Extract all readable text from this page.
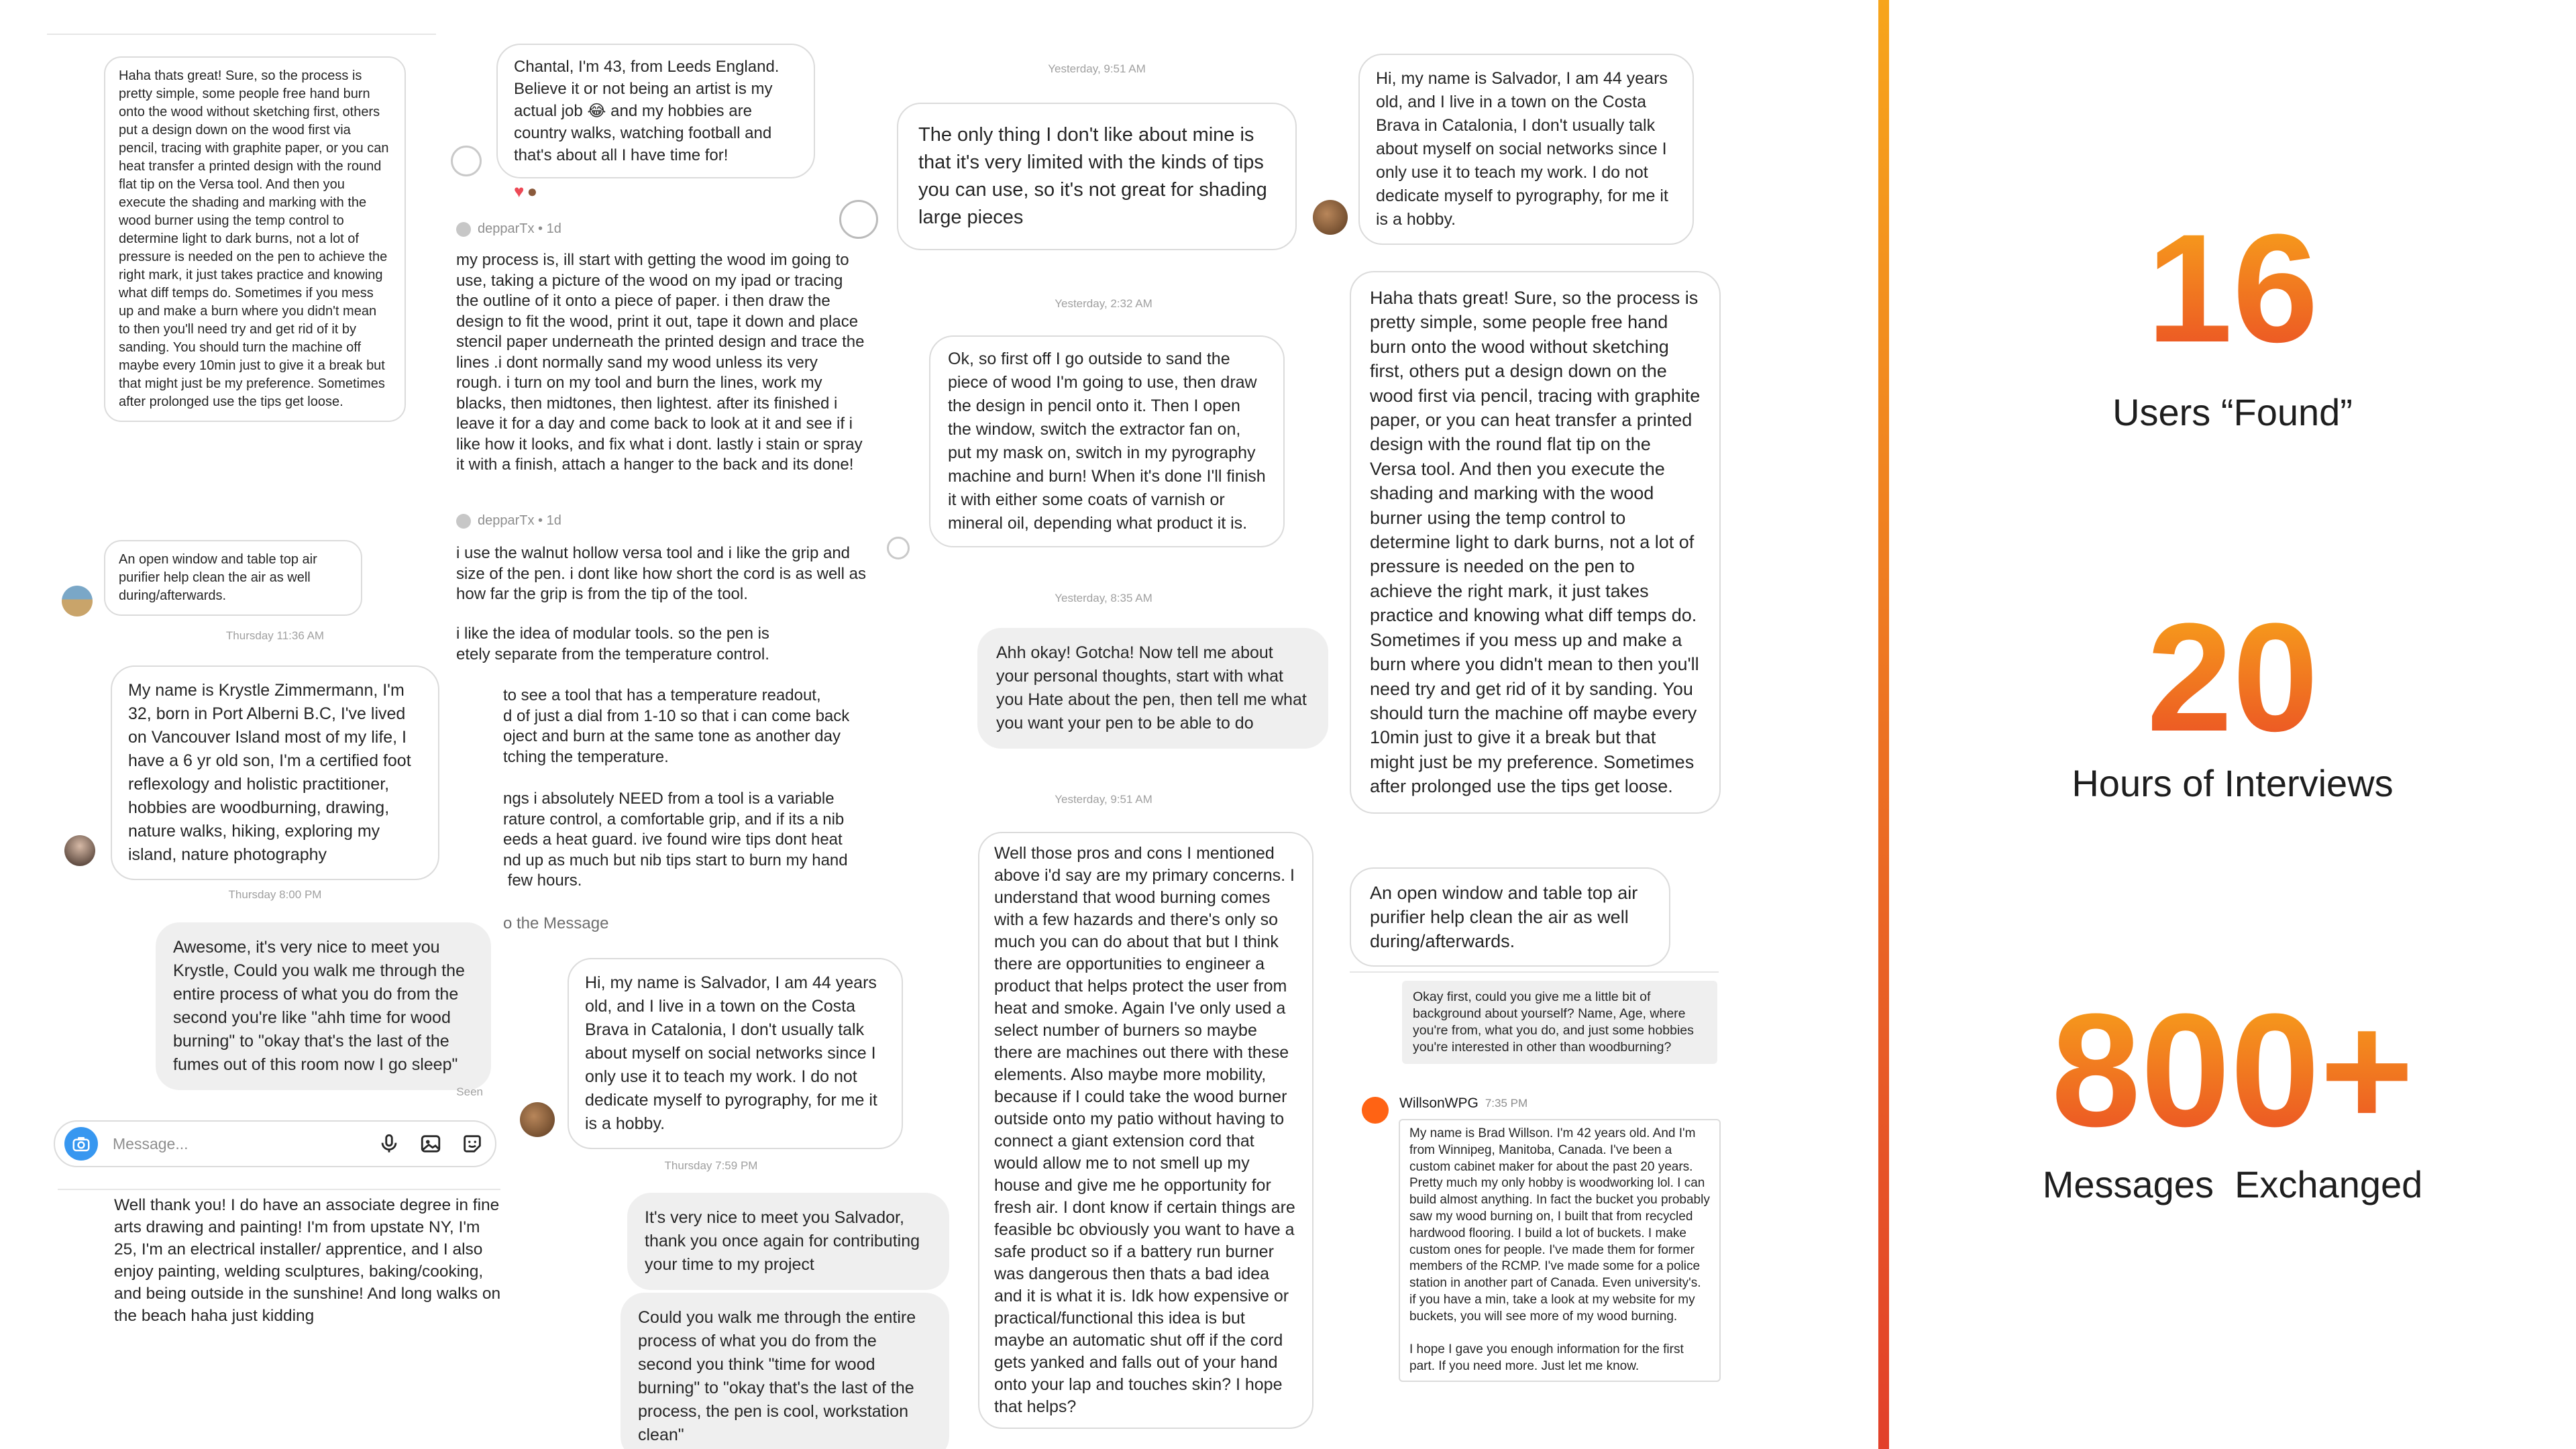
Haha thats great! Sure, so the process is pretty simple, some people free hand burn onto the wood without sketching first, others put a design down on the wood first via pencil, tracing with graphite paper, or you can heat transfer a printed design with the round flat tip on the Versa tool. And then you execute the shading and marking with the wood burner using the temp control to determine light to dark burns, not a lot of pressure is needed on the pen to achieve the right mark, it just takes practice and knowing what diff temps do. Sometimes if you mess up and make a burn where you didn't mean to then you'll need try and get rid of it by sanding. You should turn the machine off maybe every 10min just to give it a break but that might just be my preference. Sometimes after prolonged use the tips get loose.
An open window and table top air purifier help clean the air as well during/afterwards.
Thursday 11:36 AM
My name is Krystle Zimmermann, I'm 32, born in Port Alberni B.C, I've lived on Vancouver Island most of my life, I have a 6 yr old son, I'm a certified foot reflexology and holistic practitioner, hobbies are woodburning, drawing, nature walks, hiking, exploring my island, nature photography
Thursday 8:00 PM
Awesome, it's very nice to meet you Krystle, Could you walk me through the entire process of what you do from the second you're like "ahh time for wood burning" to "okay that's the last of the fumes out of this room now I go sleep"
Seen
Message...
Well thank you! I do have an associate degree in fine arts drawing and painting! I'm from upstate NY, I'm 25, I'm an electrical installer/ apprentice, and I also enjoy painting, welding sculptures, baking/cooking, and being outside in the sunshine! And long walks on the beach haha just kidding
Chantal, I'm 43, from Leeds England. Believe it or not being an artist is my actual job 😂 and my hobbies are country walks, watching football and that's about all I have time for!
♥ ●
depparTx • 1d
my process is, ill start with getting the wood im going to use, taking a picture of the wood on my ipad or tracing the outline of it onto a piece of paper. i then draw the design to fit the wood, print it out, tape it down and place stencil paper underneath the printed design and trace the lines .i dont normally sand my wood unless its very rough. i turn on my tool and burn the lines, work my blacks, then midtones, then lightest. after its finished i leave it for a day and come back to look at it and see if i like how it looks, and fix what i dont. lastly i stain or spray it with a finish, attach a hanger to the back and its done!
depparTx • 1d
i use the walnut hollow versa tool and i like the grip and size of the pen. i dont like how short the cord is as well as how far the grip is from the tip of the tool.
i like the idea of modular tools. so the pen is
etely separate from the temperature control.
to see a tool that has a temperature readout,
d of just a dial from 1-10 so that i can come back
oject and burn at the same tone as another day
tching the temperature.
ngs i absolutely NEED from a tool is a variable
rature control, a comfortable grip, and if its a nib
eeds a heat guard. ive found wire tips dont heat
nd up as much but nib tips start to burn my hand
few hours.
o the Message
Hi, my name is Salvador, I am 44 years old, and I live in a town on the Costa Brava in Catalonia, I don't usually talk about myself on social networks since I only use it to teach my work. I do not dedicate myself to pyrography, for me it is a hobby.
Thursday 7:59 PM
It's very nice to meet you Salvador, thank you once again for contributing your time to my project
Could you walk me through the entire process of what you do from the second you think "time for wood burning" to "okay that's the last of the process, the pen is cool, workstation clean"
Yesterday, 9:51 AM
The only thing I don't like about mine is that it's very limited with the kinds of tips you can use, so it's not great for shading large pieces
Yesterday, 2:32 AM
Ok, so first off I go outside to sand the piece of wood I'm going to use, then draw the design in pencil onto it. Then I open the window, switch the extractor fan on, put my mask on, switch in my pyrography machine and burn! When it's done I'll finish it with either some coats of varnish or mineral oil, depending what product it is.
Yesterday, 8:35 AM
Ahh okay! Gotcha! Now tell me about your personal thoughts, start with what you Hate about the pen, then tell me what you want your pen to be able to do
Yesterday, 9:51 AM
Well those pros and cons I mentioned above i'd say are my primary concerns. I understand that wood burning comes with a few hazards and there's only so much you can do about that but I think there are opportunities to engineer a product that helps protect the user from heat and smoke. Again I've only used a select number of burners so maybe there are machines out there with these elements. Also maybe more mobility, because if I could take the wood burner outside onto my patio without having to connect a giant extension cord that would allow me to not smell up my house and give me he opportunity for fresh air. I dont know if certain things are feasible bc obviously you want to have a safe product so if a battery run burner was dangerous then thats a bad idea and it is what it is. Idk how expensive or practical/functional this idea is but maybe an automatic shut off if the cord gets yanked and falls out of your hand onto your lap and touches skin? I hope that helps?
Hi, my name is Salvador, I am 44 years old, and I live in a town on the Costa Brava in Catalonia, I don't usually talk about myself on social networks since I only use it to teach my work. I do not dedicate myself to pyrography, for me it is a hobby.
Haha thats great! Sure, so the process is pretty simple, some people free hand burn onto the wood without sketching first, others put a design down on the wood first via pencil, tracing with graphite paper, or you can heat transfer a printed design with the round flat tip on the Versa tool. And then you execute the shading and marking with the wood burner using the temp control to determine light to dark burns, not a lot of pressure is needed on the pen to achieve the right mark, it just takes practice and knowing what diff temps do. Sometimes if you mess up and make a burn where you didn't mean to then you'll need try and get rid of it by sanding. You should turn the machine off maybe every 10min just to give it a break but that might just be my preference. Sometimes after prolonged use the tips get loose.
An open window and table top air purifier help clean the air as well during/afterwards.
Okay first, could you give me a little bit of background about yourself? Name, Age, where you're from, what you do, and just some hobbies you're interested in other than woodburning?
WillsonWPG 7:35 PM
My name is Brad Willson. I'm 42 years old. And I'm from Winnipeg, Manitoba, Canada. I've been a custom cabinet maker for about the past 20 years. Pretty much my only hobby is woodworking lol. I can build almost anything. In fact the bucket you probably saw my wood burning on, I built that from recycled hardwood flooring. I build a lot of buckets. I make custom ones for people. I've made them for former members of the RCMP. I've made some for a police station in another part of Canada. Even university's.
if you have a min, take a look at my website for my buckets, you will see more of my wood burning.

I hope I gave you enough information for the first part. If you need more. Just let me know.
16
Users “Found”
20
Hours of Interviews
800+
Messages  Exchanged
